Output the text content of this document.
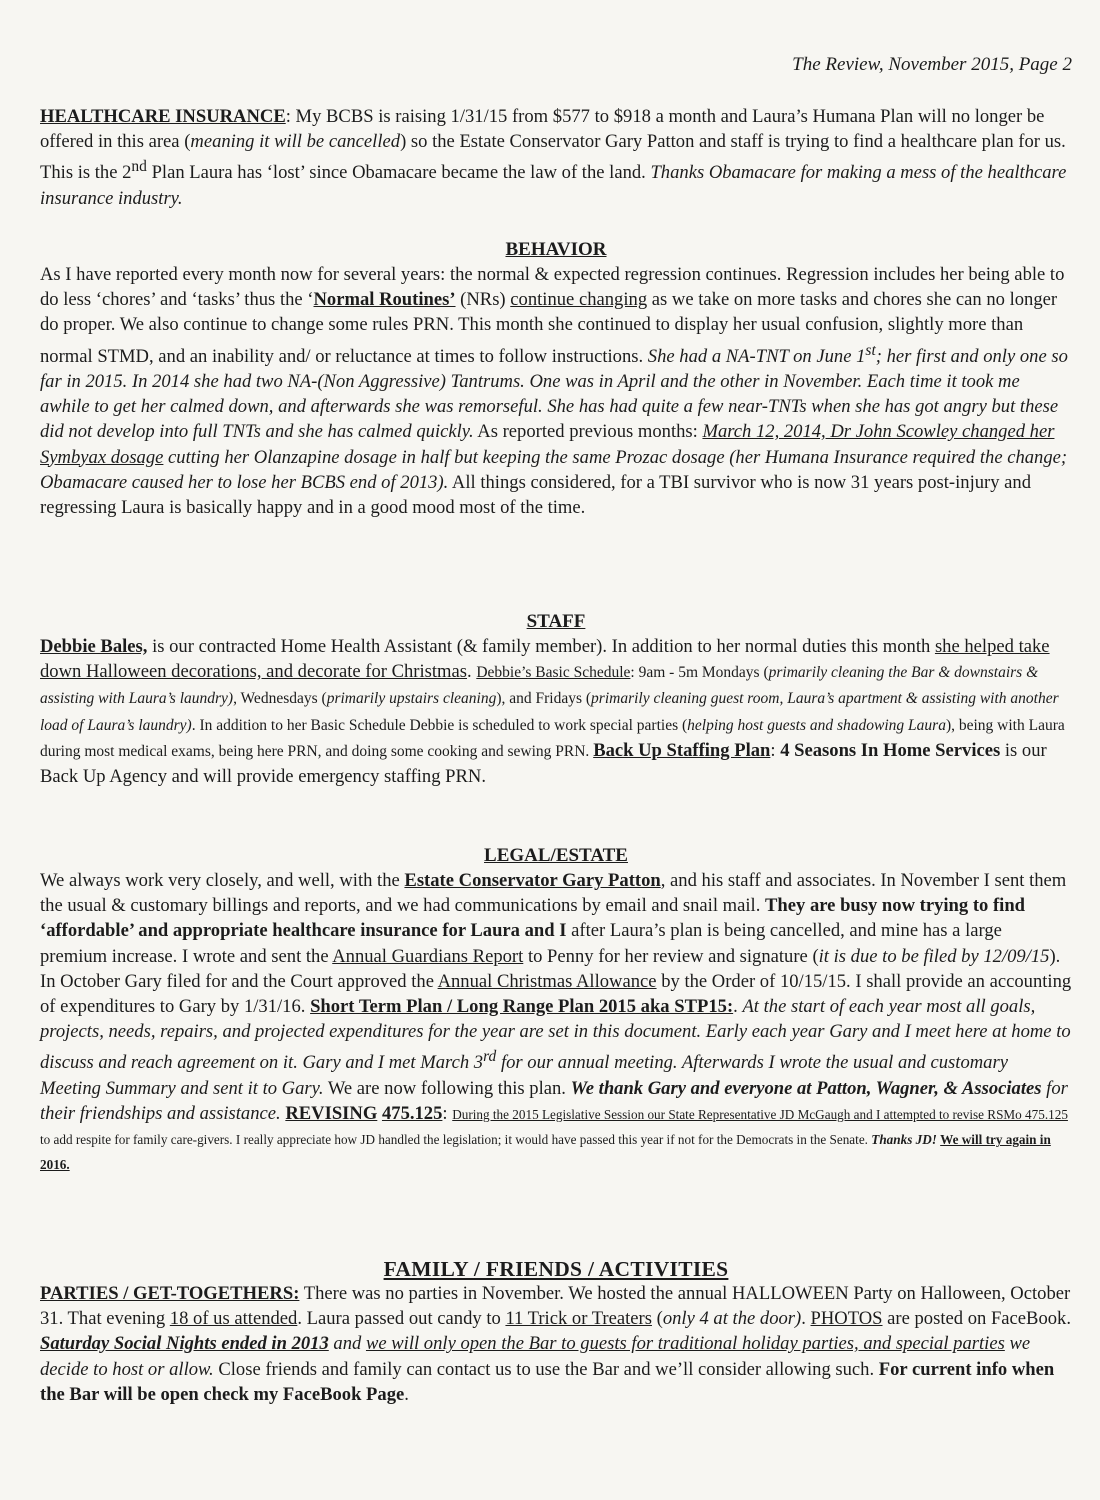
The Review, November 2015, Page 2

HEALTHCARE INSURANCE: My BCBS is raising 1/31/15 from $577 to $918 a month and Laura’s Humana Plan will no longer be offered in this area (meaning it will be cancelled) so the Estate Conservator Gary Patton and staff is trying to find a healthcare plan for us. This is the 2nd Plan Laura has ‘lost’ since Obamacare became the law of the land. Thanks Obamacare for making a mess of the healthcare insurance industry.

BEHAVIOR

As I have reported every month now for several years: the normal & expected regression continues. Regression includes her being able to do less ‘chores’ and ‘tasks’ thus the ‘Normal Routines’ (NRs) continue changing as we take on more tasks and chores she can no longer do proper. We also continue to change some rules PRN. This month she continued to display her usual confusion, slightly more than normal STMD, and an inability and/ or reluctance at times to follow instructions. She had a NA-TNT on June 1st; her first and only one so far in 2015. In 2014 she had two NA-(Non Aggressive) Tantrums. One was in April and the other in November. Each time it took me awhile to get her calmed down, and afterwards she was remorseful. She has had quite a few near-TNTs when she has got angry but these did not develop into full TNTs and she has calmed quickly. As reported previous months: March 12, 2014, Dr John Scowley changed her Symbyax dosage cutting her Olanzapine dosage in half but keeping the same Prozac dosage (her Humana Insurance required the change; Obamacare caused her to lose her BCBS end of 2013). All things considered, for a TBI survivor who is now 31 years post-injury and regressing Laura is basically happy and in a good mood most of the time.

STAFF

Debbie Bales, is our contracted Home Health Assistant (& family member). In addition to her normal duties this month she helped take down Halloween decorations, and decorate for Christmas. Debbie’s Basic Schedule: 9am - 5m Mondays (primarily cleaning the Bar & downstairs & assisting with Laura’s laundry), Wednesdays (primarily upstairs cleaning), and Fridays (primarily cleaning guest room, Laura’s apartment & assisting with another load of Laura’s laundry). In addition to her Basic Schedule Debbie is scheduled to work special parties (helping host guests and shadowing Laura), being with Laura during most medical exams, being here PRN, and doing some cooking and sewing PRN. Back Up Staffing Plan: 4 Seasons In Home Services is our Back Up Agency and will provide emergency staffing PRN.

LEGAL/ESTATE

We always work very closely, and well, with the Estate Conservator Gary Patton, and his staff and associates. In November I sent them the usual & customary billings and reports, and we had communications by email and snail mail. They are busy now trying to find ‘affordable’ and appropriate healthcare insurance for Laura and I after Laura’s plan is being cancelled, and mine has a large premium increase. I wrote and sent the Annual Guardians Report to Penny for her review and signature (it is due to be filed by 12/09/15). In October Gary filed for and the Court approved the Annual Christmas Allowance by the Order of 10/15/15. I shall provide an accounting of expenditures to Gary by 1/31/16. Short Term Plan / Long Range Plan 2015 aka STP15:. At the start of each year most all goals, projects, needs, repairs, and projected expenditures for the year are set in this document. Early each year Gary and I meet here at home to discuss and reach agreement on it. Gary and I met March 3rd for our annual meeting. Afterwards I wrote the usual and customary Meeting Summary and sent it to Gary. We are now following this plan. We thank Gary and everyone at Patton, Wagner, & Associates for their friendships and assistance. REVISING 475.125: During the 2015 Legislative Session our State Representative JD McGaugh and I attempted to revise RSMo 475.125 to add respite for family care-givers. I really appreciate how JD handled the legislation; it would have passed this year if not for the Democrats in the Senate. Thanks JD! We will try again in 2016.

FAMILY / FRIENDS / ACTIVITIES

PARTIES / GET-TOGETHERS: There was no parties in November. We hosted the annual HALLOWEEN Party on Halloween, October 31. That evening 18 of us attended. Laura passed out candy to 11 Trick or Treaters (only 4 at the door). PHOTOS are posted on FaceBook. Saturday Social Nights ended in 2013 and we will only open the Bar to guests for traditional holiday parties, and special parties we decide to host or allow. Close friends and family can contact us to use the Bar and we’ll consider allowing such. For current info when the Bar will be open check my FaceBook Page.
